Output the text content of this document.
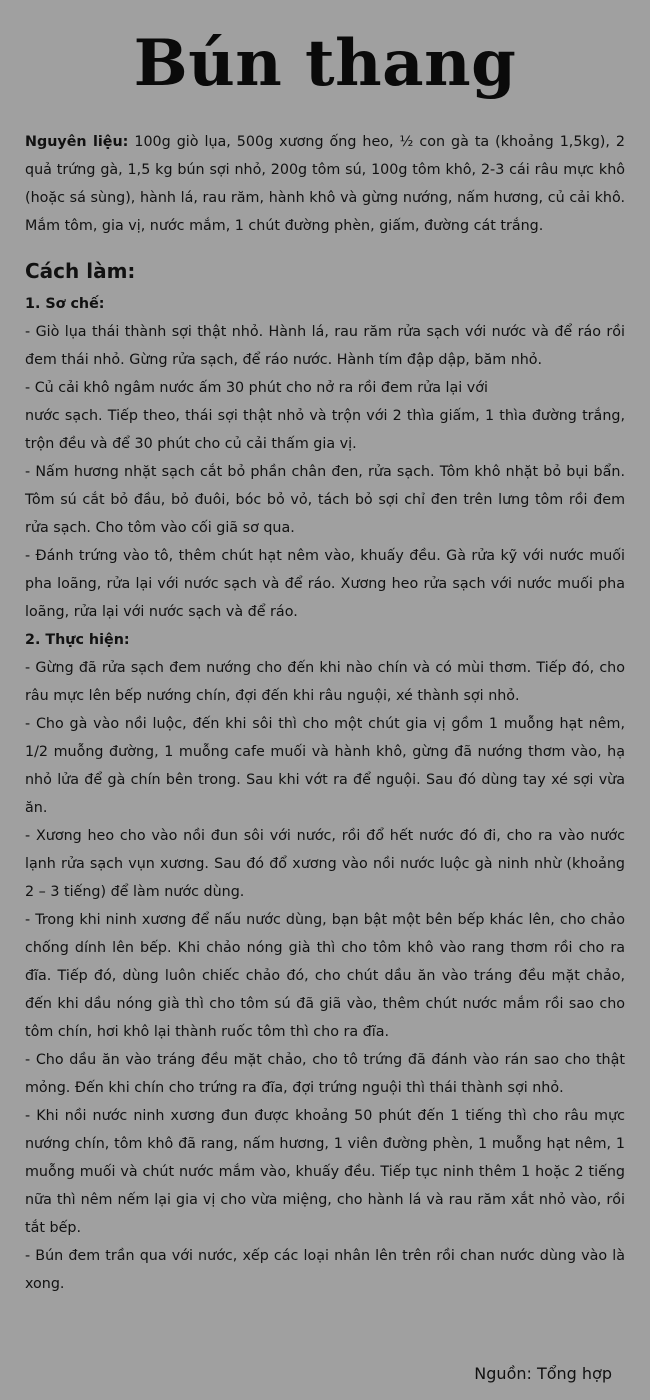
Bún thang

Nguyên liệu: 100g giò lụa, 500g xương ống heo, ½ con gà ta (khoảng 1,5kg), 2 quả trứng gà, 1,5 kg bún sợi nhỏ, 200g tôm sú, 100g tôm khô, 2-3 cái râu mực khô (hoặc sá sùng), hành lá, rau răm, hành khô và gừng nướng, nấm hương, củ cải khô. Mắm tôm, gia vị, nước mắm, 1 chút đường phèn, giấm, đường cát trắng.

Cách làm:
1. Sơ chế:

- Giò lụa thái thành sợi thật nhỏ. Hành lá, rau răm rửa sạch với nước và để ráo rồi đem thái nhỏ. Gừng rửa sạch, để ráo nước. Hành tím đập dập, băm nhỏ.

- Củ cải khô ngâm nước ấm 30 phút cho nở ra rồi đem rửa lại với

nước sạch. Tiếp theo, thái sợi thật nhỏ và trộn với 2 thìa giấm, 1 thìa đường trắng, trộn đều và để 30 phút cho củ cải thấm gia vị.

- Nấm hương nhặt sạch cắt bỏ phần chân đen, rửa sạch. Tôm khô nhặt bỏ bụi bẩn. Tôm sú cắt bỏ đầu, bỏ đuôi, bóc bỏ vỏ, tách bỏ sợi chỉ đen trên lưng tôm rồi đem rửa sạch. Cho tôm vào cối giã sơ qua.

- Đánh trứng vào tô, thêm chút hạt nêm vào, khuấy đều. Gà rửa kỹ với nước muối pha loãng, rửa lại với nước sạch và để ráo. Xương heo rửa sạch với nước muối pha loãng, rửa lại với nước sạch và để ráo.

2. Thực hiện:

- Gừng đã rửa sạch đem nướng cho đến khi nào chín và có mùi thơm. Tiếp đó, cho râu mực lên bếp nướng chín, đợi đến khi râu nguội, xé thành sợi nhỏ.

- Cho gà vào nồi luộc, đến khi sôi thì cho một chút gia vị gồm 1 muỗng hạt nêm, 1/2 muỗng đường, 1 muỗng cafe muối và hành khô, gừng đã nướng thơm vào, hạ nhỏ lửa để gà chín bên trong. Sau khi vớt ra để nguội. Sau đó dùng tay xé sợi vừa ăn.

- Xương heo cho vào nồi đun sôi với nước, rồi đổ hết nước đó đi, cho ra vào nước lạnh rửa sạch vụn xương. Sau đó đổ xương vào nồi nước luộc gà ninh nhừ (khoảng 2 – 3 tiếng) để làm nước dùng.

- Trong khi ninh xương để nấu nước dùng, bạn bật một bên bếp khác lên, cho chảo chống dính lên bếp. Khi chảo nóng già thì cho tôm khô vào rang thơm rồi cho ra đĩa. Tiếp đó, dùng luôn chiếc chảo đó, cho chút dầu ăn vào tráng đều mặt chảo, đến khi dầu nóng già thì cho tôm sú đã giã vào, thêm chút nước mắm rồi sao cho tôm chín, hơi khô lại thành ruốc tôm thì cho ra đĩa.

- Cho dầu ăn vào tráng đều mặt chảo, cho tô trứng đã đánh vào rán sao cho thật mỏng. Đến khi chín cho trứng ra đĩa, đợi trứng nguội thì thái thành sợi nhỏ.

- Khi nồi nước ninh xương đun được khoảng 50 phút đến 1 tiếng thì cho râu mực nướng chín, tôm khô đã rang, nấm hương, 1 viên đường phèn, 1 muỗng hạt nêm, 1 muỗng muối và chút nước mắm vào, khuấy đều. Tiếp tục ninh thêm 1 hoặc 2 tiếng nữa thì nêm nếm lại gia vị cho vừa miệng, cho hành lá và rau răm xắt nhỏ vào, rồi tắt bếp.

- Bún đem trần qua với nước, xếp các loại nhân lên trên rồi chan nước dùng vào là xong.

Nguồn: Tổng hợp
